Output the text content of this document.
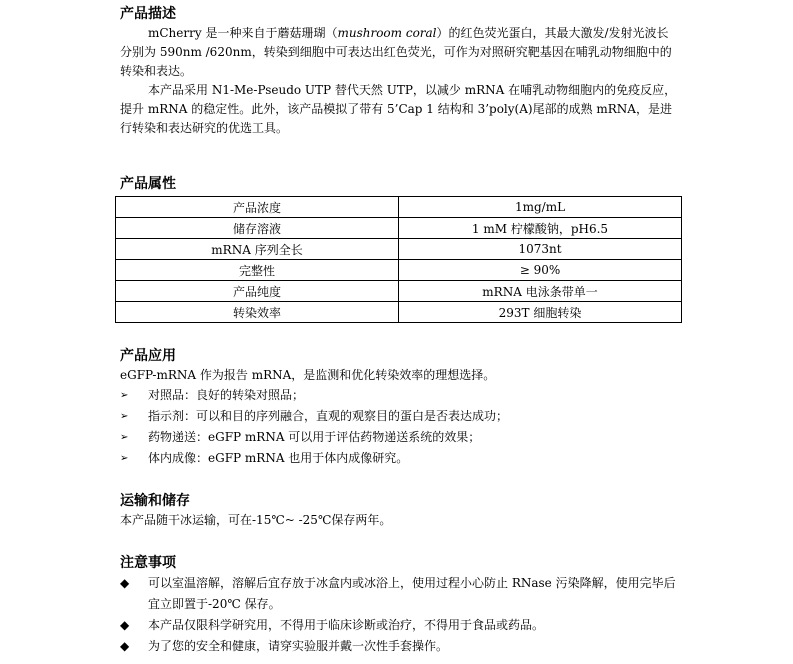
产品描述

mCherry 是一种来自于蘑菇珊瑚（mushroom coral）的红色荧光蛋白，其最大激发/发射光波长分别为 590nm /620nm，转染到细胞中可表达出红色荧光，可作为对照研究靶基因在哺乳动物细胞中的转染和表达。

本产品采用 N1-Me-Pseudo UTP 替代天然 UTP，以减少 mRNA 在哺乳动物细胞内的免疫反应，提升 mRNA 的稳定性。此外，该产品模拟了带有 5’Cap 1 结构和 3’poly(A)尾部的成熟 mRNA，是进行转染和表达研究的优选工具。

产品属性
产品浓度	1mg/mL
储存溶液	1 mM 柠檬酸钠，pH6.5
mRNA 序列全长	1073nt
完整性	≥ 90%
产品纯度	mRNA 电泳条带单一
转染效率	293T 细胞转染
产品应用

eGFP-mRNA 作为报告 mRNA，是监测和优化转染效率的理想选择。

➢	对照品：良好的转染对照品；
➢	指示剂：可以和目的序列融合，直观的观察目的蛋白是否表达成功；
➢	药物递送：eGFP mRNA 可以用于评估药物递送系统的效果；
➢	体内成像：eGFP mRNA 也用于体内成像研究。
运输和储存

本产品随干冰运输，可在-15℃~ -25℃保存两年。

注意事项
◆	可以室温溶解，溶解后宜存放于冰盒内或冰浴上，使用过程小心防止 RNase 污染降解，使用完毕后宜立即置于-20℃ 保存。
◆	本产品仅限科学研究用，不得用于临床诊断或治疗，不得用于食品或药品。
◆	为了您的安全和健康，请穿实验服并戴一次性手套操作。
